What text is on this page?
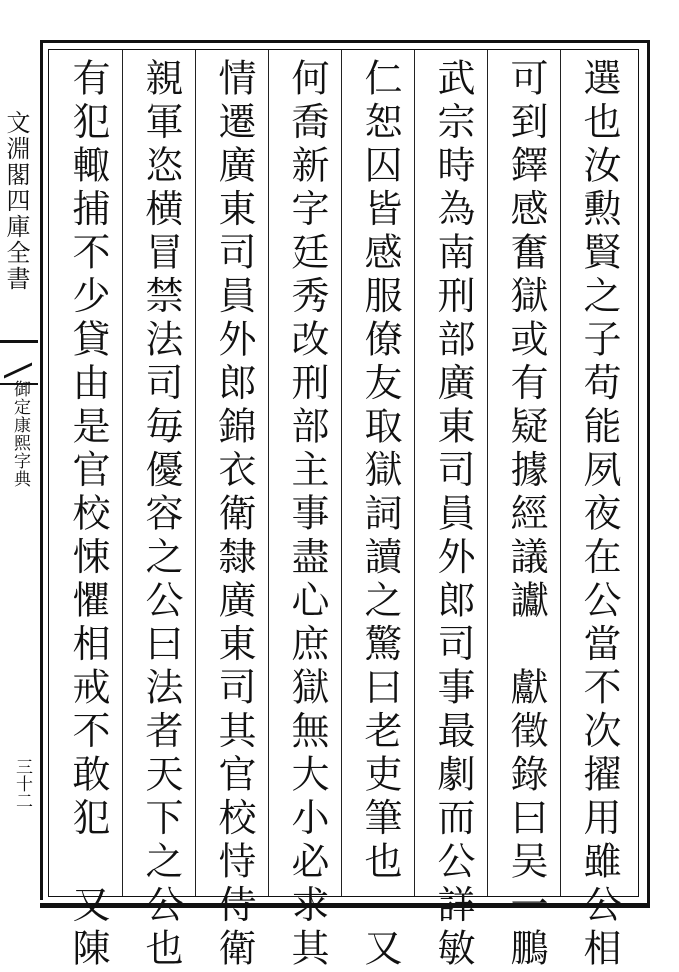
文淵閣四庫全書
御定康熙字典
三十二	選也汝勲賢之子苟能夙夜在公當不次擢用雖公相
可到鐸感奮獄或有疑據經議讞　獻徵錄曰吴一鵬
武宗時為南刑部廣東司員外郎司事最劇而公詳敏
仁恕囚皆感服僚友取獄詞讀之驚曰老吏筆也　又
何喬新字廷秀改刑部主事盡心庶獄無大小必求其
情遷廣東司員外郎錦衣衛隸廣東司其官校恃侍衛
親軍恣横冒禁法司毎優容之公曰法者天下之公也
有犯輙捕不少貸由是官校悚懼相戒不敢犯　又陳
